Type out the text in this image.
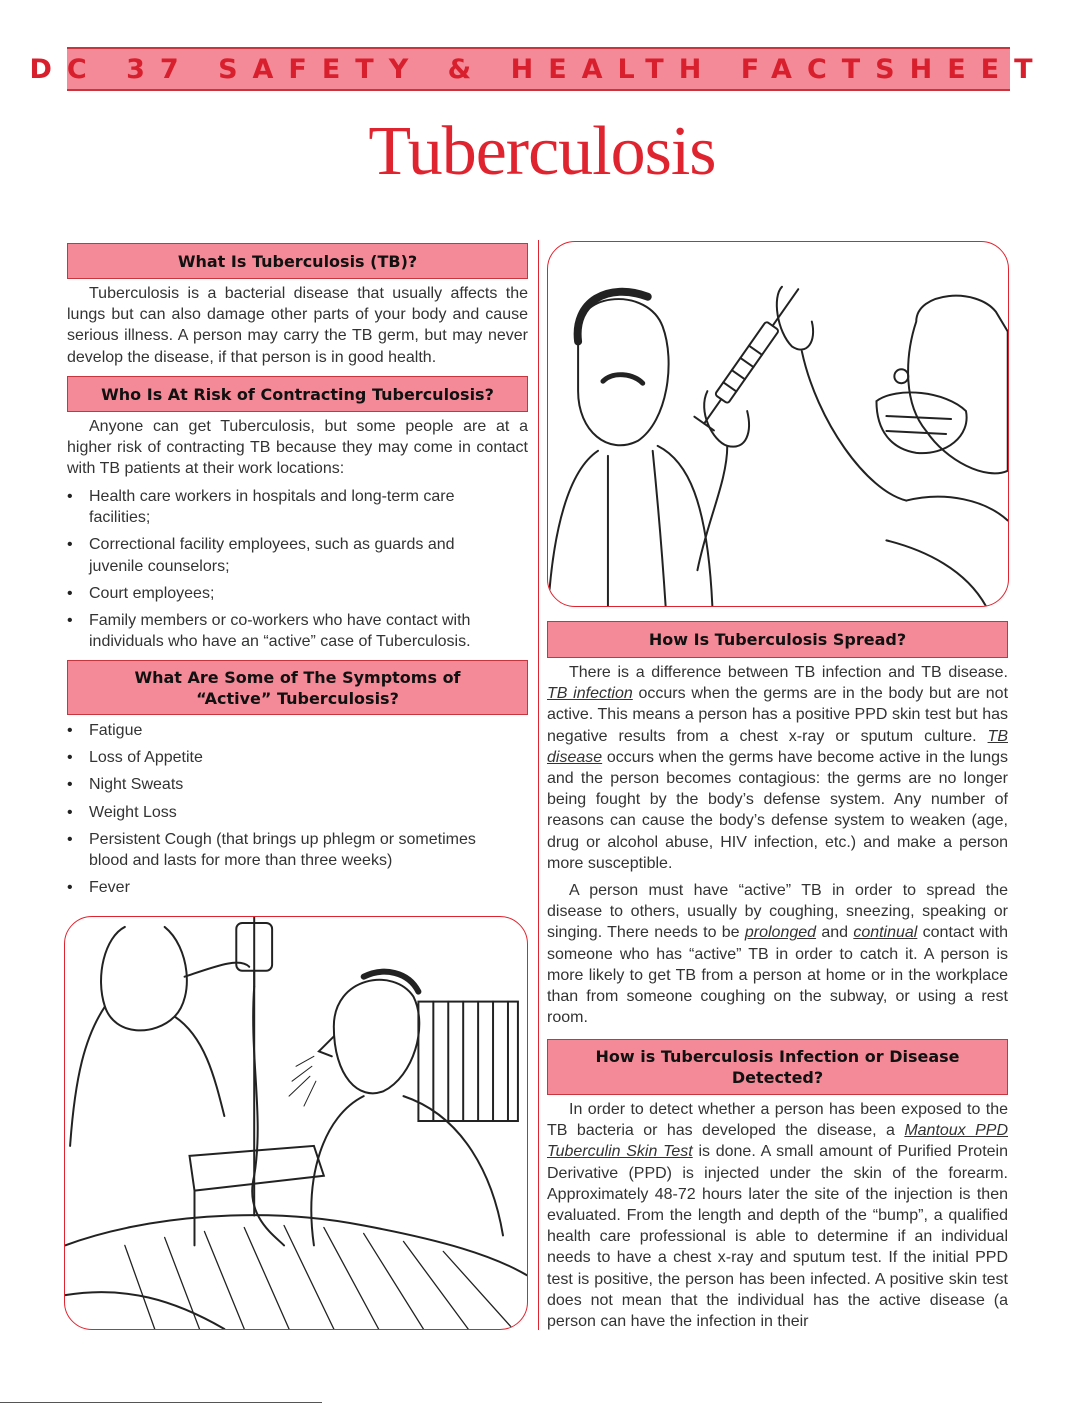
DC 37 SAFETY & HEALTH FACTSHEET
Tuberculosis
What Is Tuberculosis (TB)?

Tuberculosis is a bacterial disease that usually affects the lungs but can also damage other parts of your body and cause serious illness. A person may carry the TB germ, but may never develop the disease, if that person is in good health.

Who Is At Risk of Contracting Tuberculosis?

Anyone can get Tuberculosis, but some people are at a higher risk of contracting TB because they may come in contact with TB patients at their work locations:

• Health care workers in hospitals and long-term care facilities;
• Correctional facility employees, such as guards and juvenile counselors;
• Court employees;
• Family members or co-workers who have contact with individuals who have an “active” case of Tuberculosis.
What Are Some of The Symptoms of
“Active” Tuberculosis?
• Fatigue
• Loss of Appetite
• Night Sweats
• Weight Loss
• Persistent Cough (that brings up phlegm or sometimes blood and lasts for more than three weeks)
• Fever
How Is Tuberculosis Spread?

There is a difference between TB infection and TB disease. TB infection occurs when the germs are in the body but are not active. This means a person has a positive PPD skin test but has negative results from a chest x-ray or sputum culture. TB disease occurs when the germs have become active in the lungs and the person becomes contagious: the germs are no longer being fought by the body’s defense system. Any number of reasons can cause the body’s defense system to weaken (age, drug or alcohol abuse, HIV infection, etc.) and make a person more susceptible.

A person must have “active” TB in order to spread the disease to others, usually by coughing, sneezing, speaking or singing. There needs to be prolonged and continual contact with someone who has “active” TB in order to catch it. A person is more likely to get TB from a person at home or in the workplace than from someone coughing on the subway, or using a rest room.

How is Tuberculosis Infection or Disease
Detected?

In order to detect whether a person has been exposed to the TB bacteria or has developed the disease, a Mantoux PPD Tuberculin Skin Test is done. A small amount of Purified Protein Derivative (PPD) is injected under the skin of the forearm. Approximately 48-72 hours later the site of the injection is then evaluated. From the length and depth of the “bump”, a qualified health care professional is able to determine if an individual needs to have a chest x-ray and sputum test. If the initial PPD test is positive, the person has been infected. A positive skin test does not mean that the individual has the active disease (a person can have the infection in their
